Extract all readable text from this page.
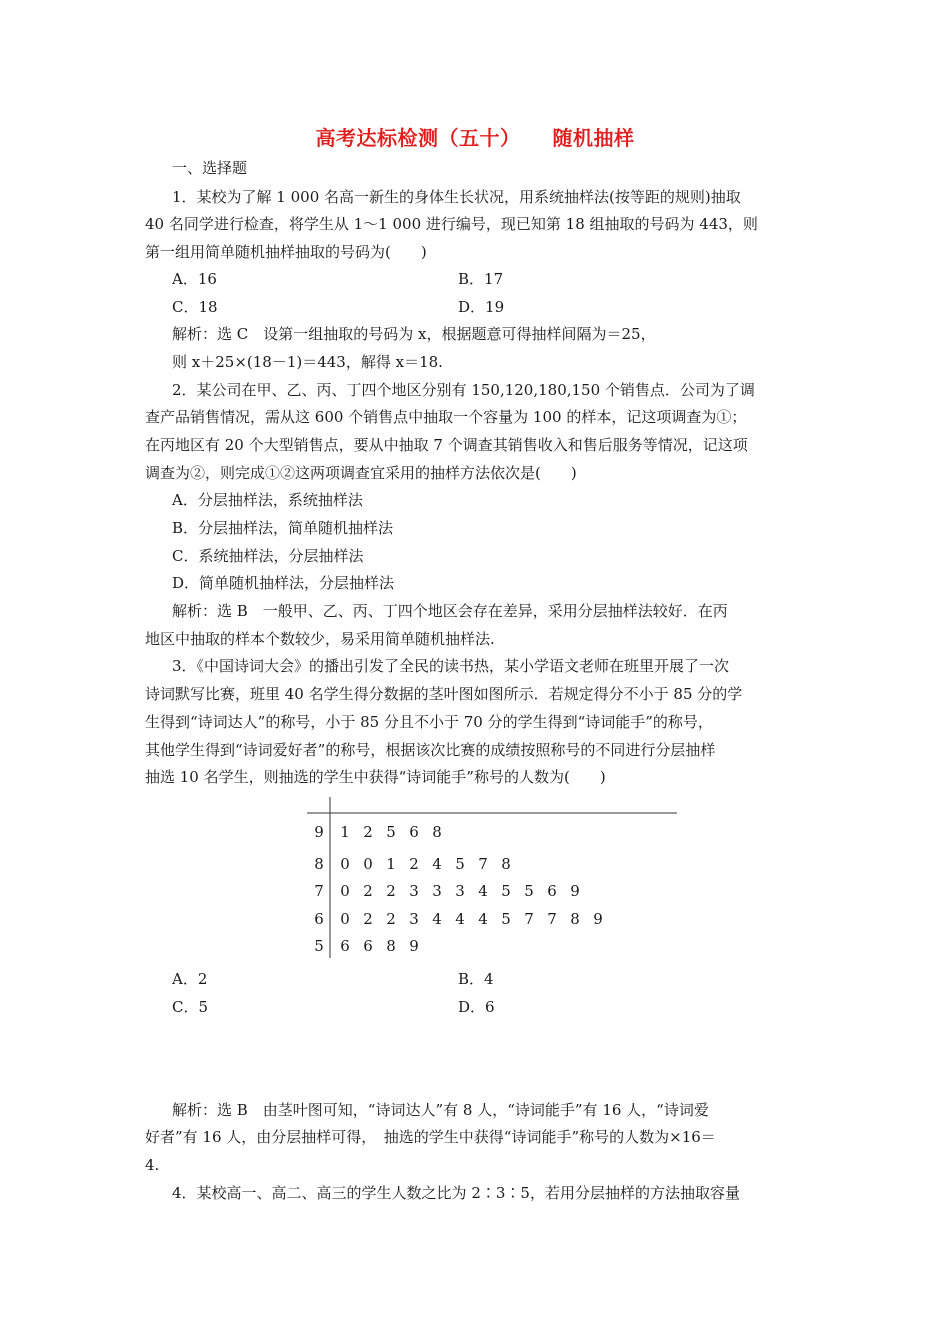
高考达标检测（五十） 随机抽样
一、选择题
1．某校为了解 1 000 名高一新生的身体生长状况，用系统抽样法(按等距的规则)抽取
40 名同学进行检查，将学生从 1～1 000 进行编号，现已知第 18 组抽取的号码为 443，则
第一组用简单随机抽样抽取的号码为(　　)
A．16	B．17
C．18	D．19
解析：选 C　设第一组抽取的号码为 x，根据题意可得抽样间隔为＝25，
则 x＋25×(18－1)＝443，解得 x＝18.
2．某公司在甲、乙、丙、丁四个地区分别有 150,120,180,150 个销售点．公司为了调
查产品销售情况，需从这 600 个销售点中抽取一个容量为 100 的样本，记这项调查为①；
在丙地区有 20 个大型销售点，要从中抽取 7 个调查其销售收入和售后服务等情况，记这项
调查为②，则完成①②这两项调查宜采用的抽样方法依次是(　　)
A．分层抽样法，系统抽样法
B．分层抽样法，简单随机抽样法
C．系统抽样法，分层抽样法
D．简单随机抽样法，分层抽样法
解析：选 B　一般甲、乙、丙、丁四个地区会存在差异，采用分层抽样法较好．在丙
地区中抽取的样本个数较少，易采用简单随机抽样法.
3．《中国诗词大会》的播出引发了全民的读书热，某小学语文老师在班里开展了一次
诗词默写比赛，班里 40 名学生得分数据的茎叶图如图所示．若规定得分不小于 85 分的学
生得到“诗词达人”的称号，小于 85 分且不小于 70 分的学生得到“诗词能手”的称号，
其他学生得到“诗词爱好者”的称号，根据该次比赛的成绩按照称号的不同进行分层抽样
抽选 10 名学生，则抽选的学生中获得“诗词能手”称号的人数为(　　)
9 1 2 5 6 8
8 0 0 1 2 4 5 7 8
7 0 2 2 3 3 3 4 5 5 6 9
6 0 2 2 3 4 4 4 5 7 7 8 9
5 6 6 8 9
A．2	B．4
C．5	D．6
解析：选 B　由茎叶图可知，“诗词达人”有 8 人，“诗词能手”有 16 人，“诗词爱
好者”有 16 人，由分层抽样可得，　抽选的学生中获得“诗词能手”称号的人数为×16＝
4.
4．某校高一、高二、高三的学生人数之比为 2∶3∶5，若用分层抽样的方法抽取容量
